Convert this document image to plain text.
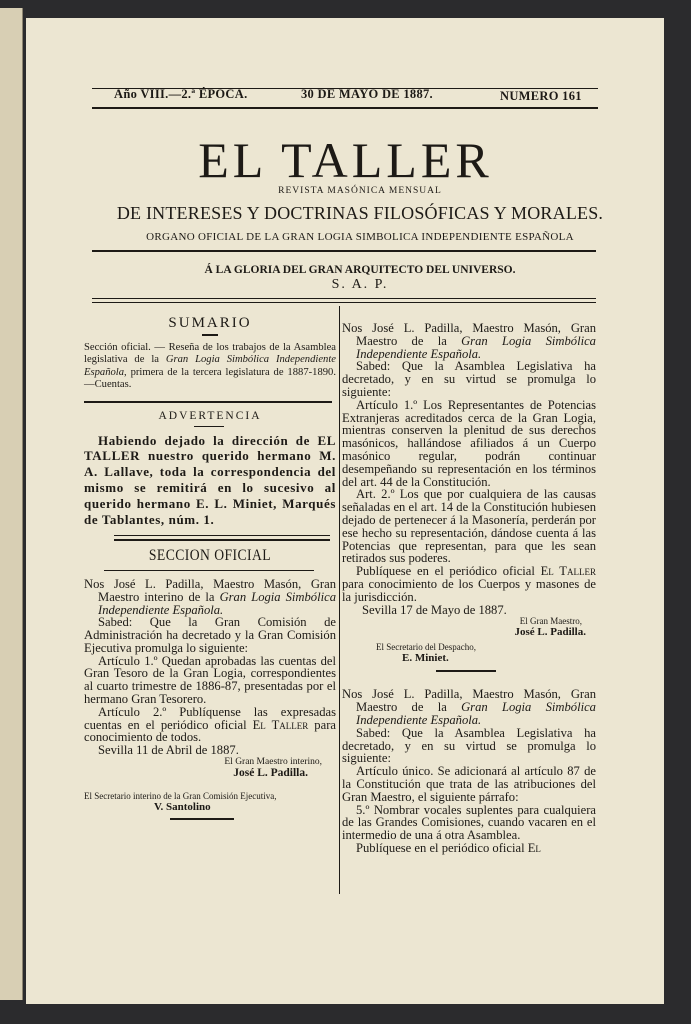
Año VIII.—2.ª ÉPOCA.	30 DE MAYO DE 1887.	NUMERO 161
EL TALLER
REVISTA MASÓNICA MENSUAL
DE INTERESES Y DOCTRINAS FILOSÓFICAS Y MORALES.
ORGANO OFICIAL DE LA GRAN LOGIA SIMBOLICA INDEPENDIENTE ESPAÑOLA
Á LA GLORIA DEL GRAN ARQUITECTO DEL UNIVERSO.
S. A. P.
SUMARIO

Sección oficial. — Reseña de los trabajos de la Asamblea legislativa de la Gran Logia Simbólica Independiente Española, primera de la tercera legislatura de 1887-1890.—Cuentas.

ADVERTENCIA

Habiendo dejado la dirección de EL TALLER nuestro querido hermano M. A. Lallave, toda la correspondencia del mismo se remitirá en lo sucesivo al querido hermano E. L. Miniet, Marqués de Tablantes, núm. 1.

SECCION OFICIAL

Nos José L. Padilla, Maestro Masón, Gran Maestro interino de la Gran Logia Simbólica Independiente Española.

Sabed: Que la Gran Comisión de Administración ha decretado y la Gran Comisión Ejecutiva promulga lo siguiente:

Artículo 1.º Quedan aprobadas las cuentas del Gran Tesoro de la Gran Logia, correspondientes al cuarto trimestre de 1886-87, presentadas por el hermano Gran Tesorero.

Artículo 2.º Publíquense las expresadas cuentas en el periódico oficial El Taller para conocimiento de todos.

Sevilla 11 de Abril de 1887.

El Gran Maestro interino,

José L. Padilla.

El Secretario interino de la Gran Comisión Ejecutiva,

V. Santolino

Nos José L. Padilla, Maestro Masón, Gran Maestro de la Gran Logia Simbólica Independiente Española.

Sabed: Que la Asamblea Legislativa ha decretado, y en su virtud se promulga lo siguiente:

Artículo 1.º Los Representantes de Potencias Extranjeras acreditados cerca de la Gran Logia, mientras conserven la plenitud de sus derechos masónicos, hallándose afiliados á un Cuerpo masónico regular, podrán continuar desempeñando su representación en los términos del art. 44 de la Constitución.

Art. 2.º Los que por cualquiera de las causas señaladas en el art. 14 de la Constitución hubiesen dejado de pertenecer á la Masonería, perderán por ese hecho su representación, dándose cuenta á las Potencias que representan, para que les sean retirados sus poderes.

Publíquese en el periódico oficial El Taller para conocimiento de los Cuerpos y masones de la jurisdicción.

Sevilla 17 de Mayo de 1887.

El Gran Maestro,

José L. Padilla.

El Secretario del Despacho,

E. Miniet.

Nos José L. Padilla, Maestro Masón, Gran Maestro de la Gran Logia Simbólica Independiente Española.

Sabed: Que la Asamblea Legislativa ha decretado, y en su virtud se promulga lo siguiente:

Artículo único. Se adicionará al artículo 87 de la Constitución que trata de las atribuciones del Gran Maestro, el siguiente párrafo:

5.º Nombrar vocales suplentes para cualquiera de las Grandes Comisiones, cuando vacaren en el intermedio de una á otra Asamblea.

Publíquese en el periódico oficial El
